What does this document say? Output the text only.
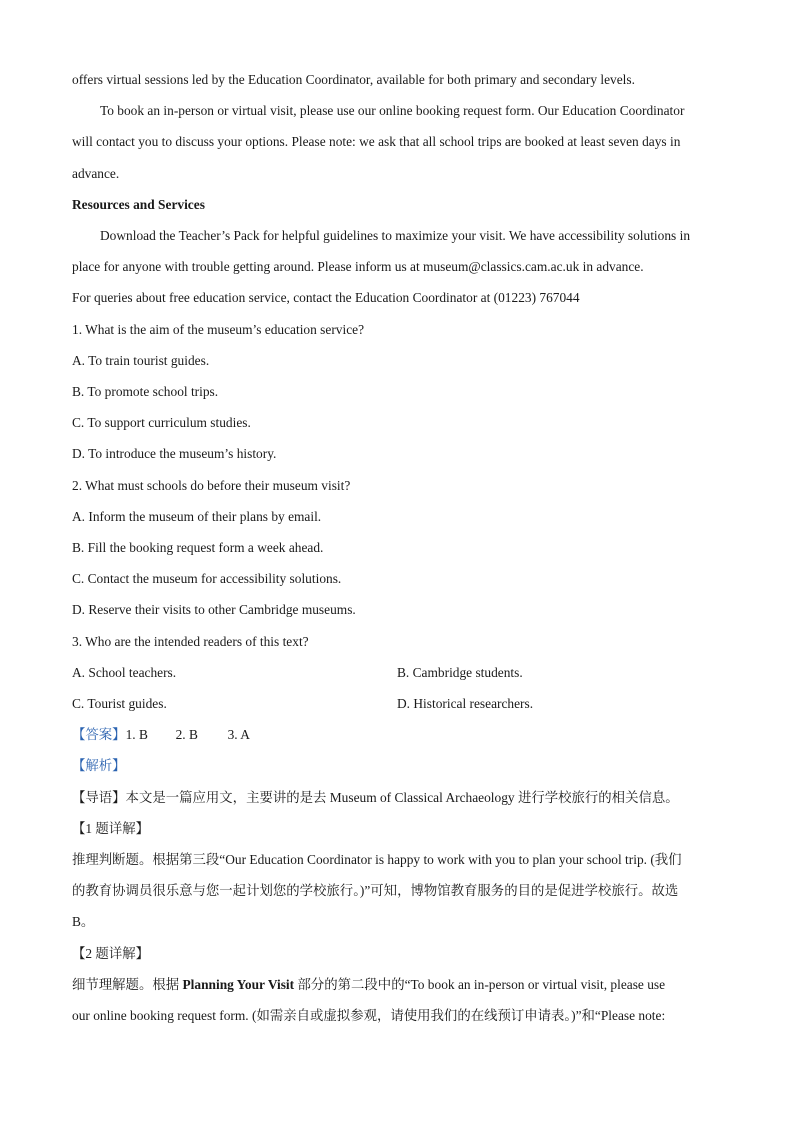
offers virtual sessions led by the Education Coordinator, available for both primary and secondary levels.
To book an in-person or virtual visit, please use our online booking request form. Our Education Coordinator
will contact you to discuss your options. Please note: we ask that all school trips are booked at least seven days in
advance.
Resources and Services
Download the Teacher’s Pack for helpful guidelines to maximize your visit. We have accessibility solutions in
place for anyone with trouble getting around. Please inform us at museum@classics.cam.ac.uk in advance.
For queries about free education service, contact the Education Coordinator at (01223) 767044
1. What is the aim of the museum’s education service?
A. To train tourist guides.
B. To promote school trips.
C. To support curriculum studies.
D. To introduce the museum’s history.
2. What must schools do before their museum visit?
A. Inform the museum of their plans by email.
B. Fill the booking request form a week ahead.
C. Contact the museum for accessibility solutions.
D. Reserve their visits to other Cambridge museums.
3. Who are the intended readers of this text?
A. School teachers.	B. Cambridge students.
C. Tourist guides.	D. Historical researchers.
【答案】1. B 2. B 3. A
【解析】
【导语】本文是一篇应用文，主要讲的是去 Museum of Classical Archaeology 进行学校旅行的相关信息。
【1 题详解】
推理判断题。根据第三段“Our Education Coordinator is happy to work with you to plan your school trip. (我们
的教育协调员很乐意与您一起计划您的学校旅行。)”可知，博物馆教育服务的目的是促进学校旅行。故选
B。
【2 题详解】
细节理解题。根据 Planning Your Visit 部分的第二段中的“To book an in-person or virtual visit, please use
our online booking request form. (如需亲自或虚拟参观，请使用我们的在线预订申请表。)”和“Please note:
